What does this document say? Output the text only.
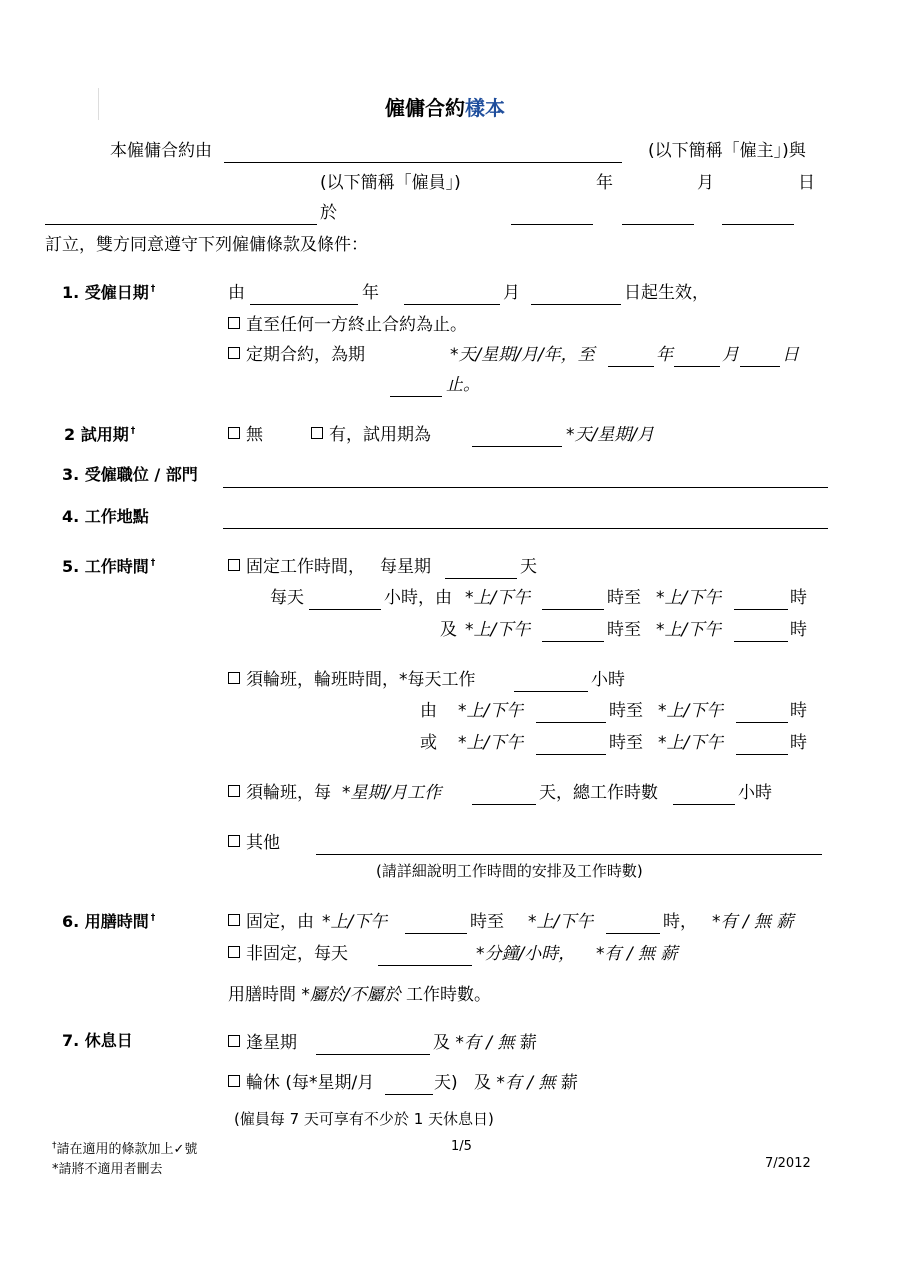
僱傭合約樣本
本僱傭合約由	(以下簡稱「僱主」)與
(以下簡稱「僱員」)	年	月	日
於
訂立，雙方同意遵守下列僱傭條款及條件：
1. 受僱日期 †	由	年	月	日起生效，
直至任何一方終止合約為止。
定期合約，為期	*天/星期/月/年，至	年	月	日
止。
2 試用期 †	無	有，試用期為	*天/星期/月
3. 受僱職位 / 部門
4. 工作地點
5. 工作時間 †	固定工作時間， 每星期	天
每天	小時，由 *上/下午	時至 *上/下午	時
及 *上/下午	時至 *上/下午	時
須輪班，輪班時間，*每天工作	小時
由 *上/下午	時至 *上/下午	時
或 *上/下午	時至 *上/下午	時
須輪班，每 *星期/月工作	天，總工作時數	小時
其他
(請詳細說明工作時間的安排及工作時數)
6. 用膳時間 †	固定，由 *上/下午	時至 *上/下午	時， *有 / 無 薪
非固定，每天	*分鐘/小時， *有 / 無 薪
用膳時間 *屬於/不屬於 工作時數。
7. 休息日	逢星期	及 *有 / 無 薪
輪休 (每*星期/月	天) 及 *有 / 無 薪
(僱員每 7 天可享有不少於 1 天休息日)
†請在適用的條款加上✓號
*請將不適用者刪去
1/5
7/2012
